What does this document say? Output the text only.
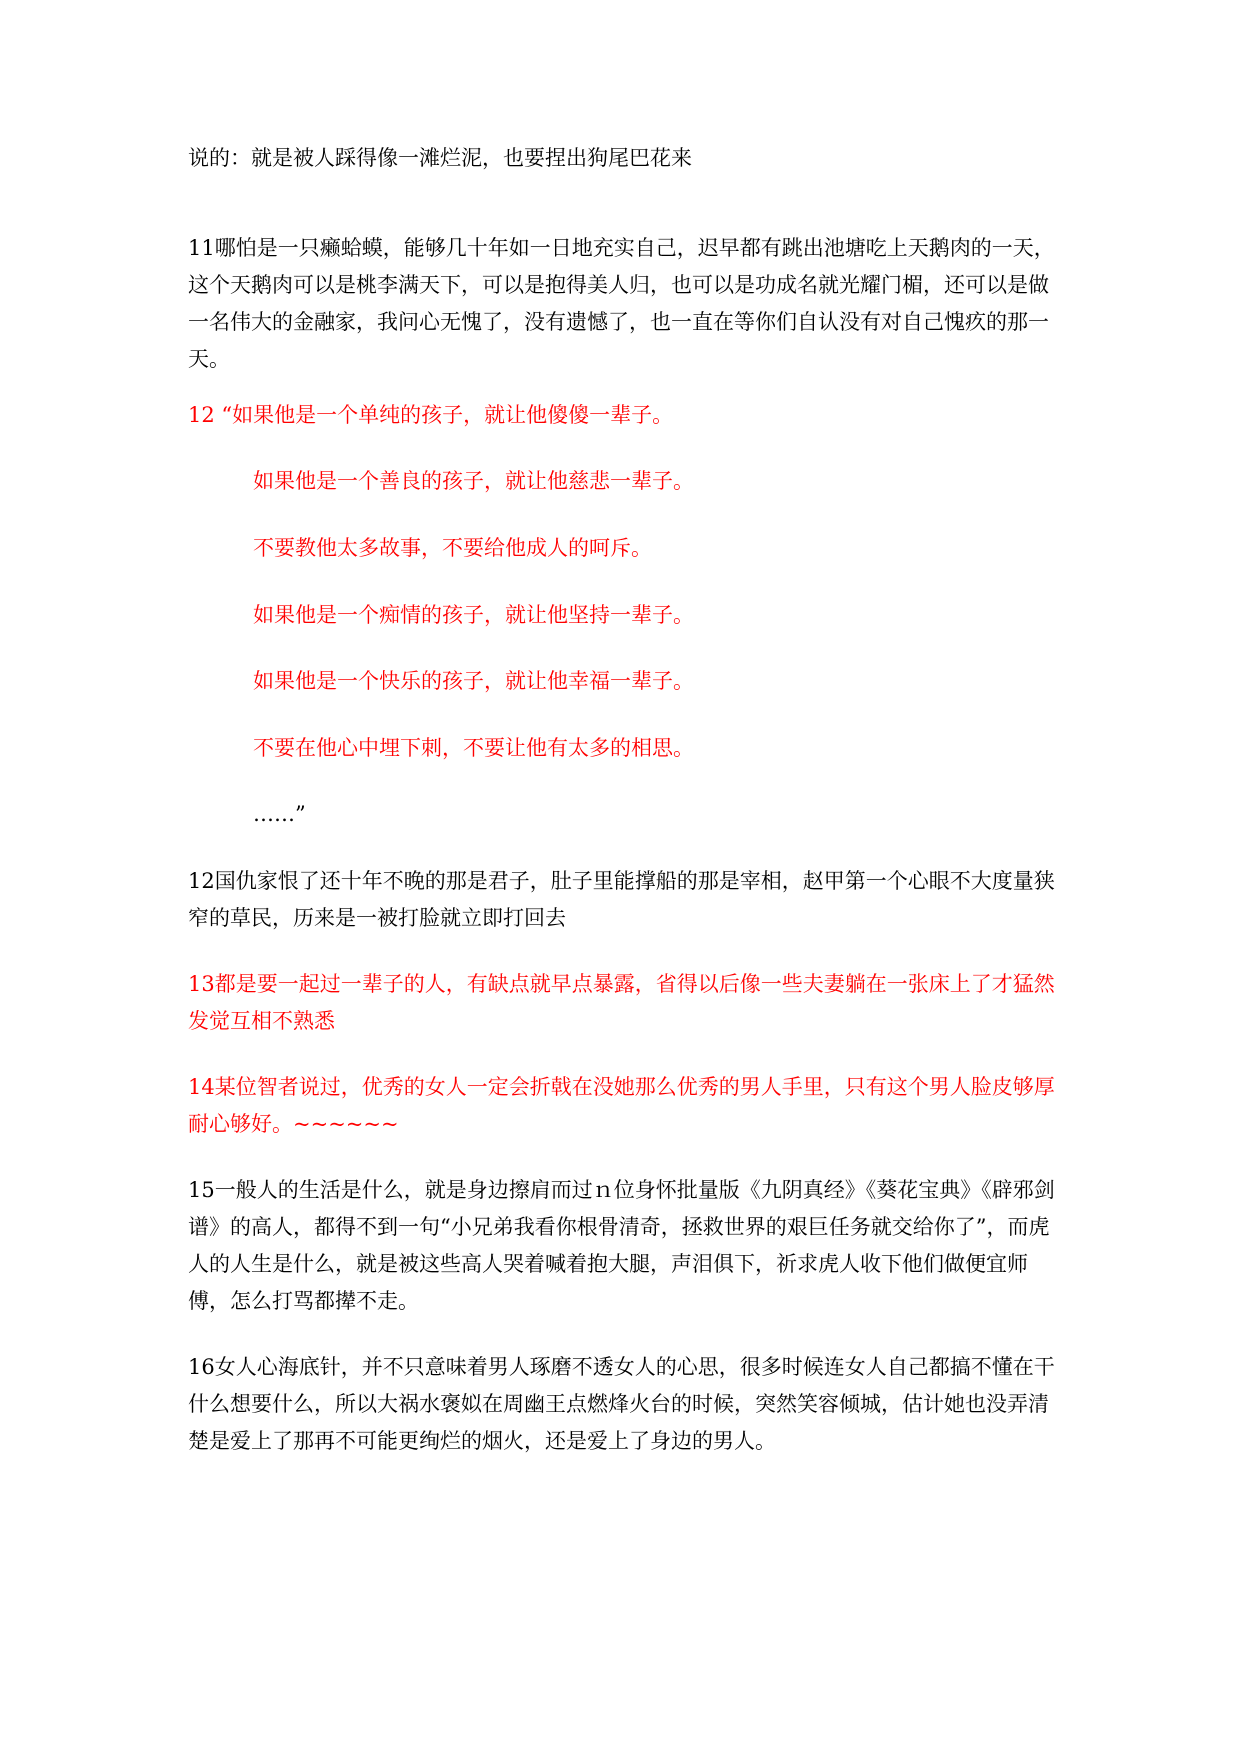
说的：就是被人踩得像一滩烂泥，也要捏出狗尾巴花来

11哪怕是一只癞蛤蟆，能够几十年如一日地充实自己，迟早都有跳出池塘吃上天鹅肉的一天，这个天鹅肉可以是桃李满天下，可以是抱得美人归，也可以是功成名就光耀门楣，还可以是做一名伟大的金融家，我问心无愧了，没有遗憾了，也一直在等你们自认没有对自己愧疚的那一天。

12 “如果他是一个单纯的孩子，就让他傻傻一辈子。

如果他是一个善良的孩子，就让他慈悲一辈子。

不要教他太多故事，不要给他成人的呵斥。

如果他是一个痴情的孩子，就让他坚持一辈子。

如果他是一个快乐的孩子，就让他幸福一辈子。

不要在他心中埋下刺，不要让他有太多的相思。

……”

12国仇家恨了还十年不晚的那是君子，肚子里能撑船的那是宰相，赵甲第一个心眼不大度量狭窄的草民，历来是一被打脸就立即打回去

13都是要一起过一辈子的人，有缺点就早点暴露，省得以后像一些夫妻躺在一张床上了才猛然发觉互相不熟悉

14某位智者说过，优秀的女人一定会折戟在没她那么优秀的男人手里，只有这个男人脸皮够厚耐心够好。~~~~~~

15一般人的生活是什么，就是身边擦肩而过ｎ位身怀批量版《九阴真经》《葵花宝典》《辟邪剑谱》的高人，都得不到一句“小兄弟我看你根骨清奇，拯救世界的艰巨任务就交给你了”，而虎人的人生是什么，就是被这些高人哭着喊着抱大腿，声泪俱下，祈求虎人收下他们做便宜师傅，怎么打骂都撵不走。

16女人心海底针，并不只意味着男人琢磨不透女人的心思，很多时候连女人自己都搞不懂在干什么想要什么，所以大祸水褒姒在周幽王点燃烽火台的时候，突然笑容倾城，估计她也没弄清楚是爱上了那再不可能更绚烂的烟火，还是爱上了身边的男人。
